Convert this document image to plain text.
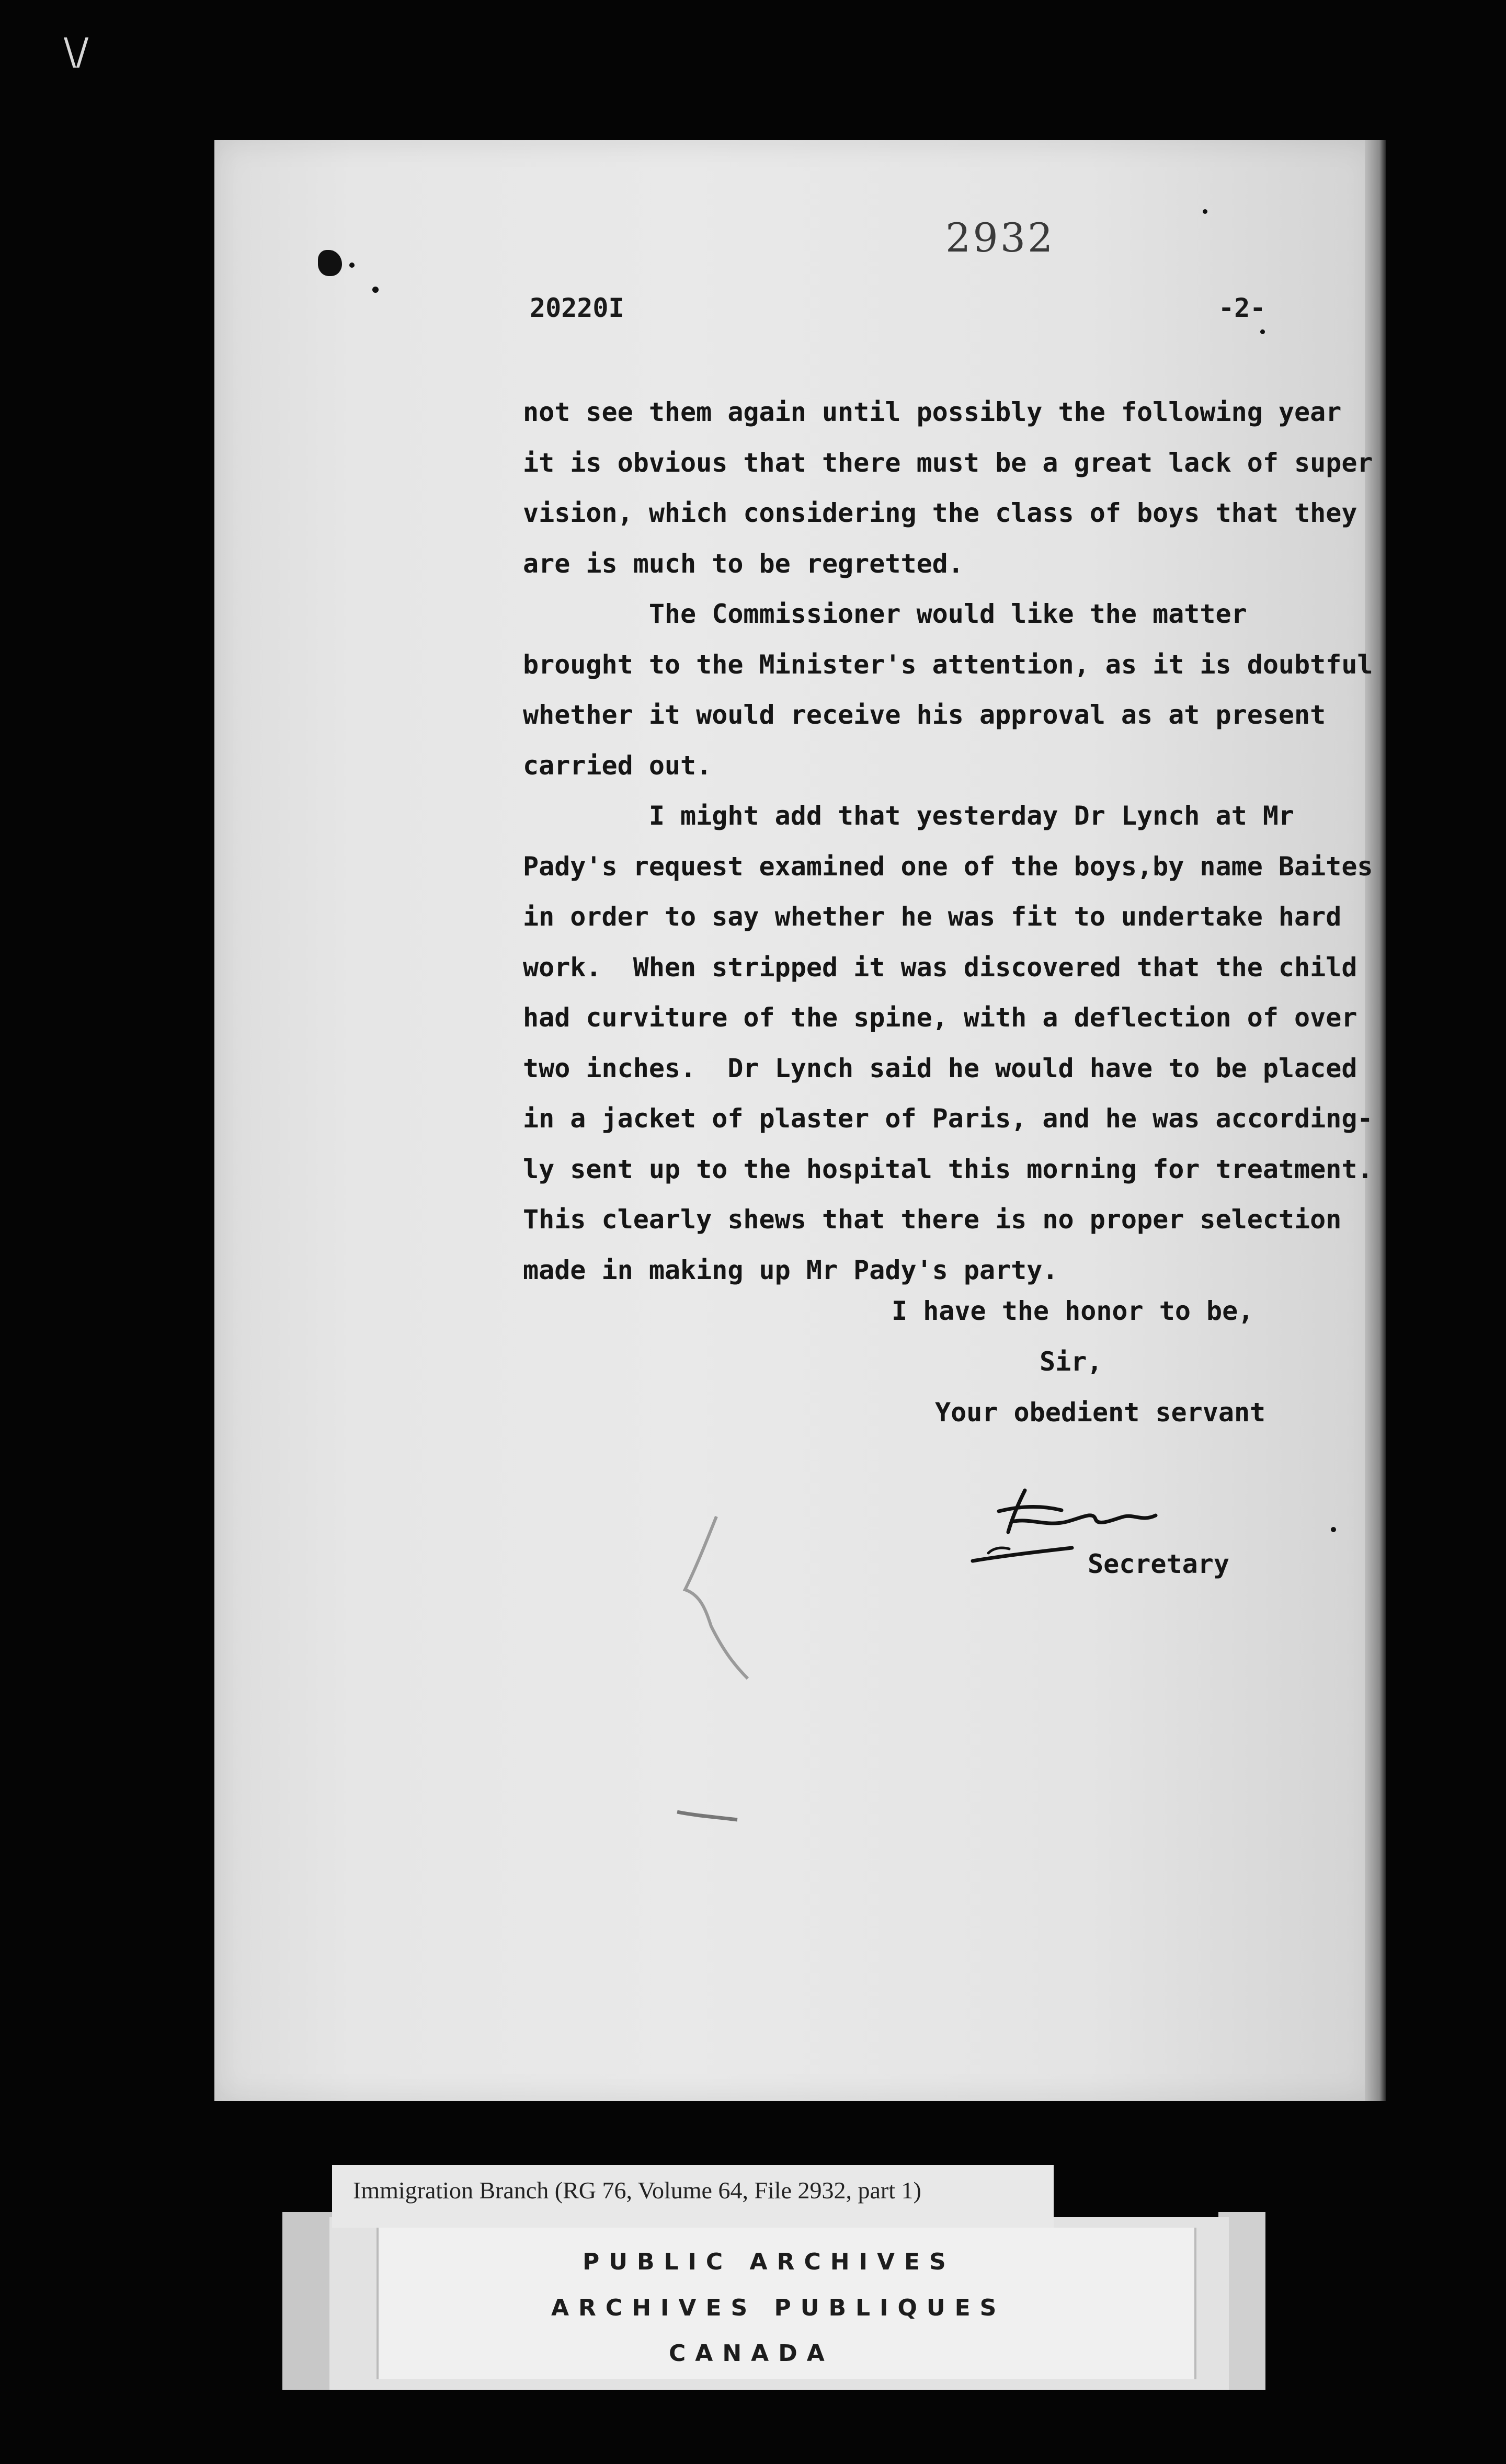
\/
2932
20220I	-2-
not see them again until possibly the following year
it is obvious that there must be a great lack of super
vision, which considering the class of boys that they
are is much to be regretted.
The Commissioner would like the matter
brought to the Minister's attention, as it is doubtful
whether it would receive his approval as at present
carried out.
I might add that yesterday Dr Lynch at Mr
Pady's request examined one of the boys,by name Baites
in order to say whether he was fit to undertake hard
work.  When stripped it was discovered that the child
had curviture of the spine, with a deflection of over
two inches.  Dr Lynch said he would have to be placed
in a jacket of plaster of Paris, and he was according-
ly sent up to the hospital this morning for treatment.
This clearly shews that there is no proper selection
made in making up Mr Pady's party.
I have the honor to be,
Sir,
Your obedient servant
Secretary
PUBLIC ARCHIVES
ARCHIVES PUBLIQUES
CANADA
Immigration Branch (RG 76, Volume 64, File 2932, part 1)
